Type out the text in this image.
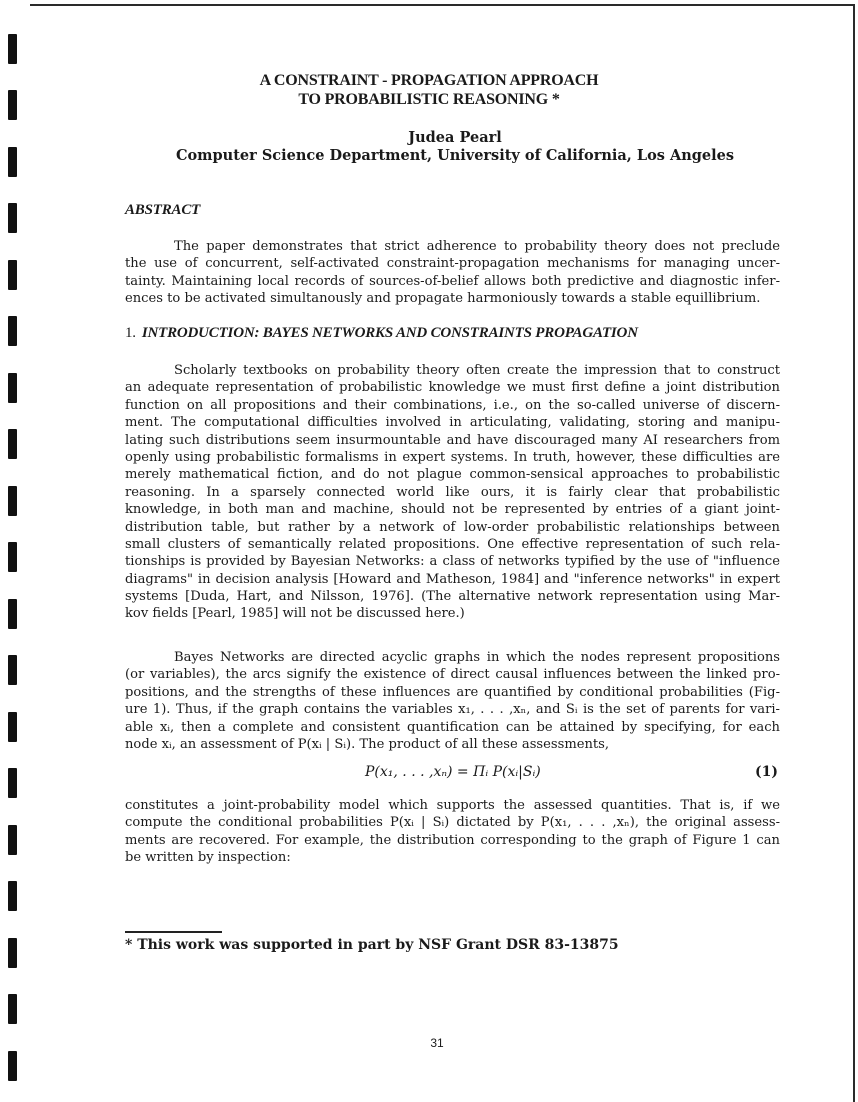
A CONSTRAINT - PROPAGATION APPROACH
TO PROBABILISTIC REASONING *
Judea Pearl
Computer Science Department, University of California, Los Angeles
ABSTRACT
The paper demonstrates that strict adherence to probability theory does not preclude
the use of concurrent, self-activated constraint-propagation mechanisms for managing uncer-
tainty. Maintaining local records of sources-of-belief allows both predictive and diagnostic infer-
ences to be activated simultanously and propagate harmoniously towards a stable equillibrium.
1. INTRODUCTION: BAYES NETWORKS AND CONSTRAINTS PROPAGATION
Scholarly textbooks on probability theory often create the impression that to construct
an adequate representation of probabilistic knowledge we must first define a joint distribution
function on all propositions and their combinations, i.e., on the so-called universe of discern-
ment. The computational difficulties involved in articulating, validating, storing and manipu-
lating such distributions seem insurmountable and have discouraged many AI researchers from
openly using probabilistic formalisms in expert systems. In truth, however, these difficulties are
merely mathematical fiction, and do not plague common-sensical approaches to probabilistic
reasoning. In a sparsely connected world like ours, it is fairly clear that probabilistic
knowledge, in both man and machine, should not be represented by entries of a giant joint-
distribution table, but rather by a network of low-order probabilistic relationships between
small clusters of semantically related propositions. One effective representation of such rela-
tionships is provided by Bayesian Networks: a class of networks typified by the use of "influence
diagrams" in decision analysis [Howard and Matheson, 1984] and "inference networks" in expert
systems [Duda, Hart, and Nilsson, 1976]. (The alternative network representation using Mar-
kov fields [Pearl, 1985] will not be discussed here.)
Bayes Networks are directed acyclic graphs in which the nodes represent propositions
(or variables), the arcs signify the existence of direct causal influences between the linked pro-
positions, and the strengths of these influences are quantified by conditional probabilities (Fig-
ure 1). Thus, if the graph contains the variables x₁, . . . ,xₙ, and Sᵢ is the set of parents for vari-
able xᵢ, then a complete and consistent quantification can be attained by specifying, for each
node xᵢ, an assessment of P(xᵢ | Sᵢ). The product of all these assessments,
P(x₁, . . . ,xₙ) = Πᵢ P(xᵢ|Sᵢ)	(1)
constitutes a joint-probability model which supports the assessed quantities. That is, if we
compute the conditional probabilities P(xᵢ | Sᵢ) dictated by P(x₁, . . . ,xₙ), the original assess-
ments are recovered. For example, the distribution corresponding to the graph of Figure 1 can
be written by inspection:
* This work was supported in part by NSF Grant DSR 83-13875
31
